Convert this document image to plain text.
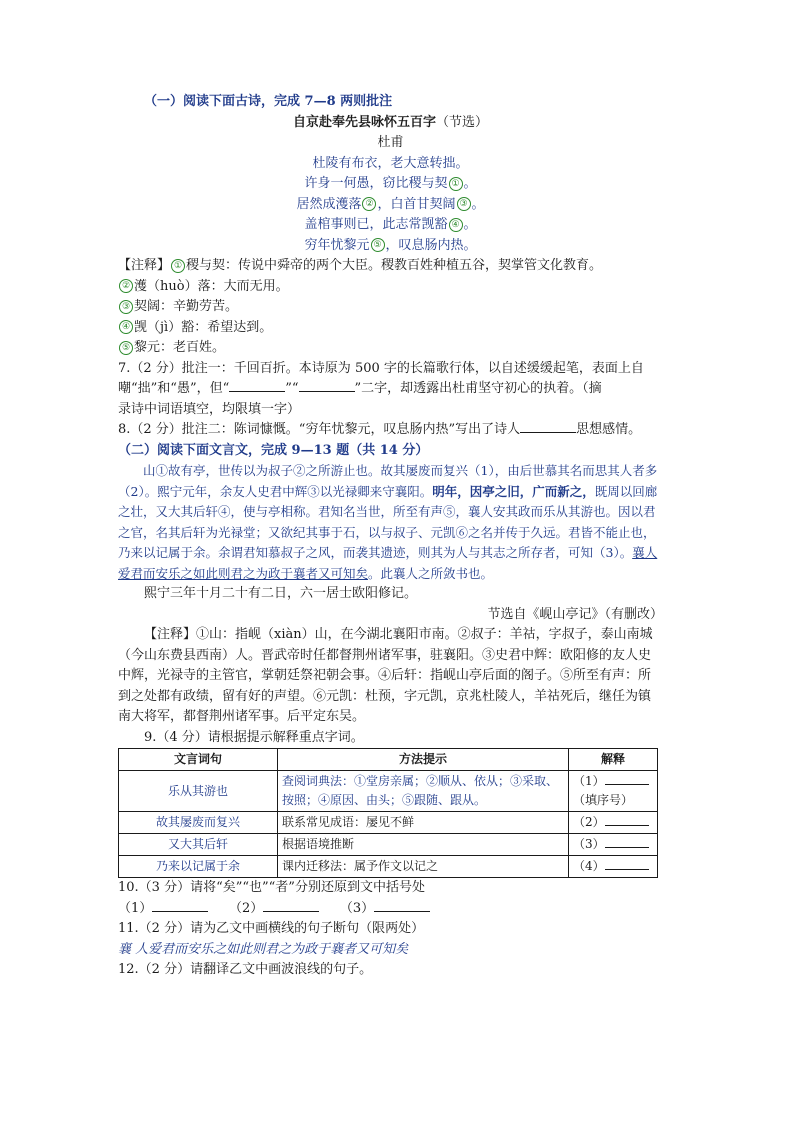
（一）阅读下面古诗，完成 7—8 两则批注
自京赴奉先县咏怀五百字（节选）
杜甫
杜陵有布衣，老大意转拙。
许身一何愚，窃比稷与契 ① 。
居然成濩落 ② ，白首甘契阔 ③ 。
盖棺事则已，此志常觊豁 ④ 。
穷年忧黎元 ⑤ ，叹息肠内热。
【注释】 ① 稷与契：传说中舜帝的两个大臣。稷教百姓种植五谷，契掌管文化教育。
② 濩（huò）落：大而无用。
③ 契阔：辛勤劳苦。
④ 觊（jì）豁：希望达到。
⑤ 黎元：老百姓。
7.（2 分）批注一：千回百折。本诗原为 500 字的长篇歌行体，以自述缓缓起笔，表面上自
嘲“拙”和“愚”，但“	”“	”二字，却透露出杜甫坚守初心的执着。（摘
录诗中词语填空，均限填一字）
8.（2 分）批注二：陈词慷慨。“穷年忧黎元，叹息肠内热”写出了诗人	思想感情。
（二）阅读下面文言文，完成 9—13 题（共 14 分）
山①故有亭，世传以为叔子②之所游止也。故其屡废而复兴（1），由后世慕其名而思其人者多（2）。熙宁元年，余友人史君中辉③以光禄卿来守襄阳。明年，因亭之旧，广而新之，既周以回廊之壮，又大其后轩④，使与亭相称。君知名当世，所至有声⑤，襄人安其政而乐从其游也。因以君之官，名其后轩为光禄堂；又欲纪其事于石，以与叔子、元凯⑥之名并传于久远。君皆不能止也，乃来以记属于余。余谓君知慕叔子之风，而袭其遗迹，则其为人与其志之所存者，可知（3）。襄人爱君而安乐之如此则君之为政于襄者又可知矣。此襄人之所敛书也。
熙宁三年十月二十有二日，六一居士欧阳修记。
节选自《岘山亭记》（有删改）
【注释】①山：指岘（xiàn）山，在今湖北襄阳市南。②叔子：羊祜，字叔子，泰山南城（今山东费县西南）人。晋武帝时任都督荆州诸军事，驻襄阳。③史君中辉：欧阳修的友人史中辉，光禄寺的主管官，掌朝廷祭祀朝会事。④后轩：指岘山亭后面的阁子。⑤所至有声：所到之处都有政绩，留有好的声望。⑥元凯：杜预，字元凯，京兆杜陵人，羊祜死后，继任为镇南大将军，都督荆州诸军事。后平定东吴。
9.（4 分）请根据提示解释重点字词。
文言词句	方法提示	解释
乐从其游也	查阅词典法：①堂房亲属；②顺从、依从；③采取、按照；④原因、由头；⑤跟随、跟从。	（1）
（填序号）
故其屡废而复兴	联系常见成语：屡见不鲜	（2）
又大其后轩	根据语境推断	（3）
乃来以记属于余	课内迁移法：属予作文以记之	（4）
10.（3 分）请将“矣”“也”“者”分别还原到文中括号处
（1）	（2）	（3）
11.（2 分）请为乙文中画横线的句子断句（限两处）
襄 人爱君而安乐之如此则君之为政于襄者又可知矣
12.（2 分）请翻译乙文中画波浪线的句子。
